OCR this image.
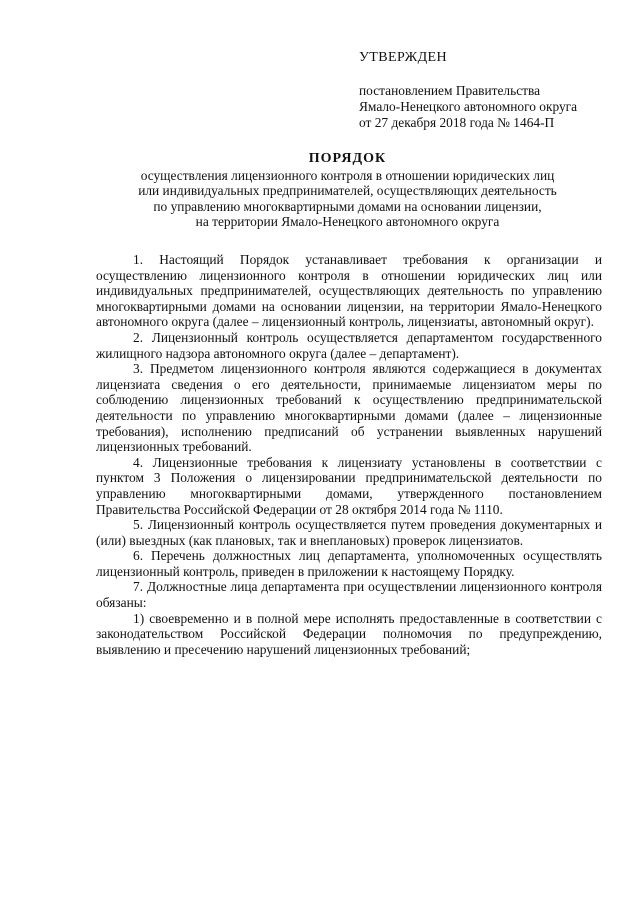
УТВЕРЖДЕН
постановлением Правительства
Ямало-Ненецкого автономного округа
от 27 декабря 2018 года № 1464-П
ПОРЯДОК
осуществления лицензионного контроля в отношении юридических лиц
или индивидуальных предпринимателей, осуществляющих деятельность
по управлению многоквартирными домами на основании лицензии,
на территории Ямало-Ненецкого автономного округа

1. Настоящий Порядок устанавливает требования к организации и осуществлению лицензионного контроля в отношении юридических лиц или индивидуальных предпринимателей, осуществляющих деятельность по управлению многоквартирными домами на основании лицензии, на территории Ямало-Ненецкого автономного округа (далее – лицензионный контроль, лицензиаты, автономный округ).

2. Лицензионный контроль осуществляется департаментом государственного жилищного надзора автономного округа (далее – департамент).

3. Предметом лицензионного контроля являются содержащиеся в документах лицензиата сведения о его деятельности, принимаемые лицензиатом меры по соблюдению лицензионных требований к осуществлению предпринимательской деятельности по управлению многоквартирными домами (далее – лицензионные требования), исполнению предписаний об устранении выявленных нарушений лицензионных требований.

4. Лицензионные требования к лицензиату установлены в соответствии с пунктом 3 Положения о лицензировании предпринимательской деятельности по управлению многоквартирными домами, утвержденного постановлением Правительства Российской Федерации от 28 октября 2014 года № 1110.

5. Лицензионный контроль осуществляется путем проведения документарных и (или) выездных (как плановых, так и внеплановых) проверок лицензиатов.

6. Перечень должностных лиц департамента, уполномоченных осуществлять лицензионный контроль, приведен в приложении к настоящему Порядку.

7. Должностные лица департамента при осуществлении лицензионного контроля обязаны:

1) своевременно и в полной мере исполнять предоставленные в соответствии с законодательством Российской Федерации полномочия по предупреждению, выявлению и пресечению нарушений лицензионных требований;
